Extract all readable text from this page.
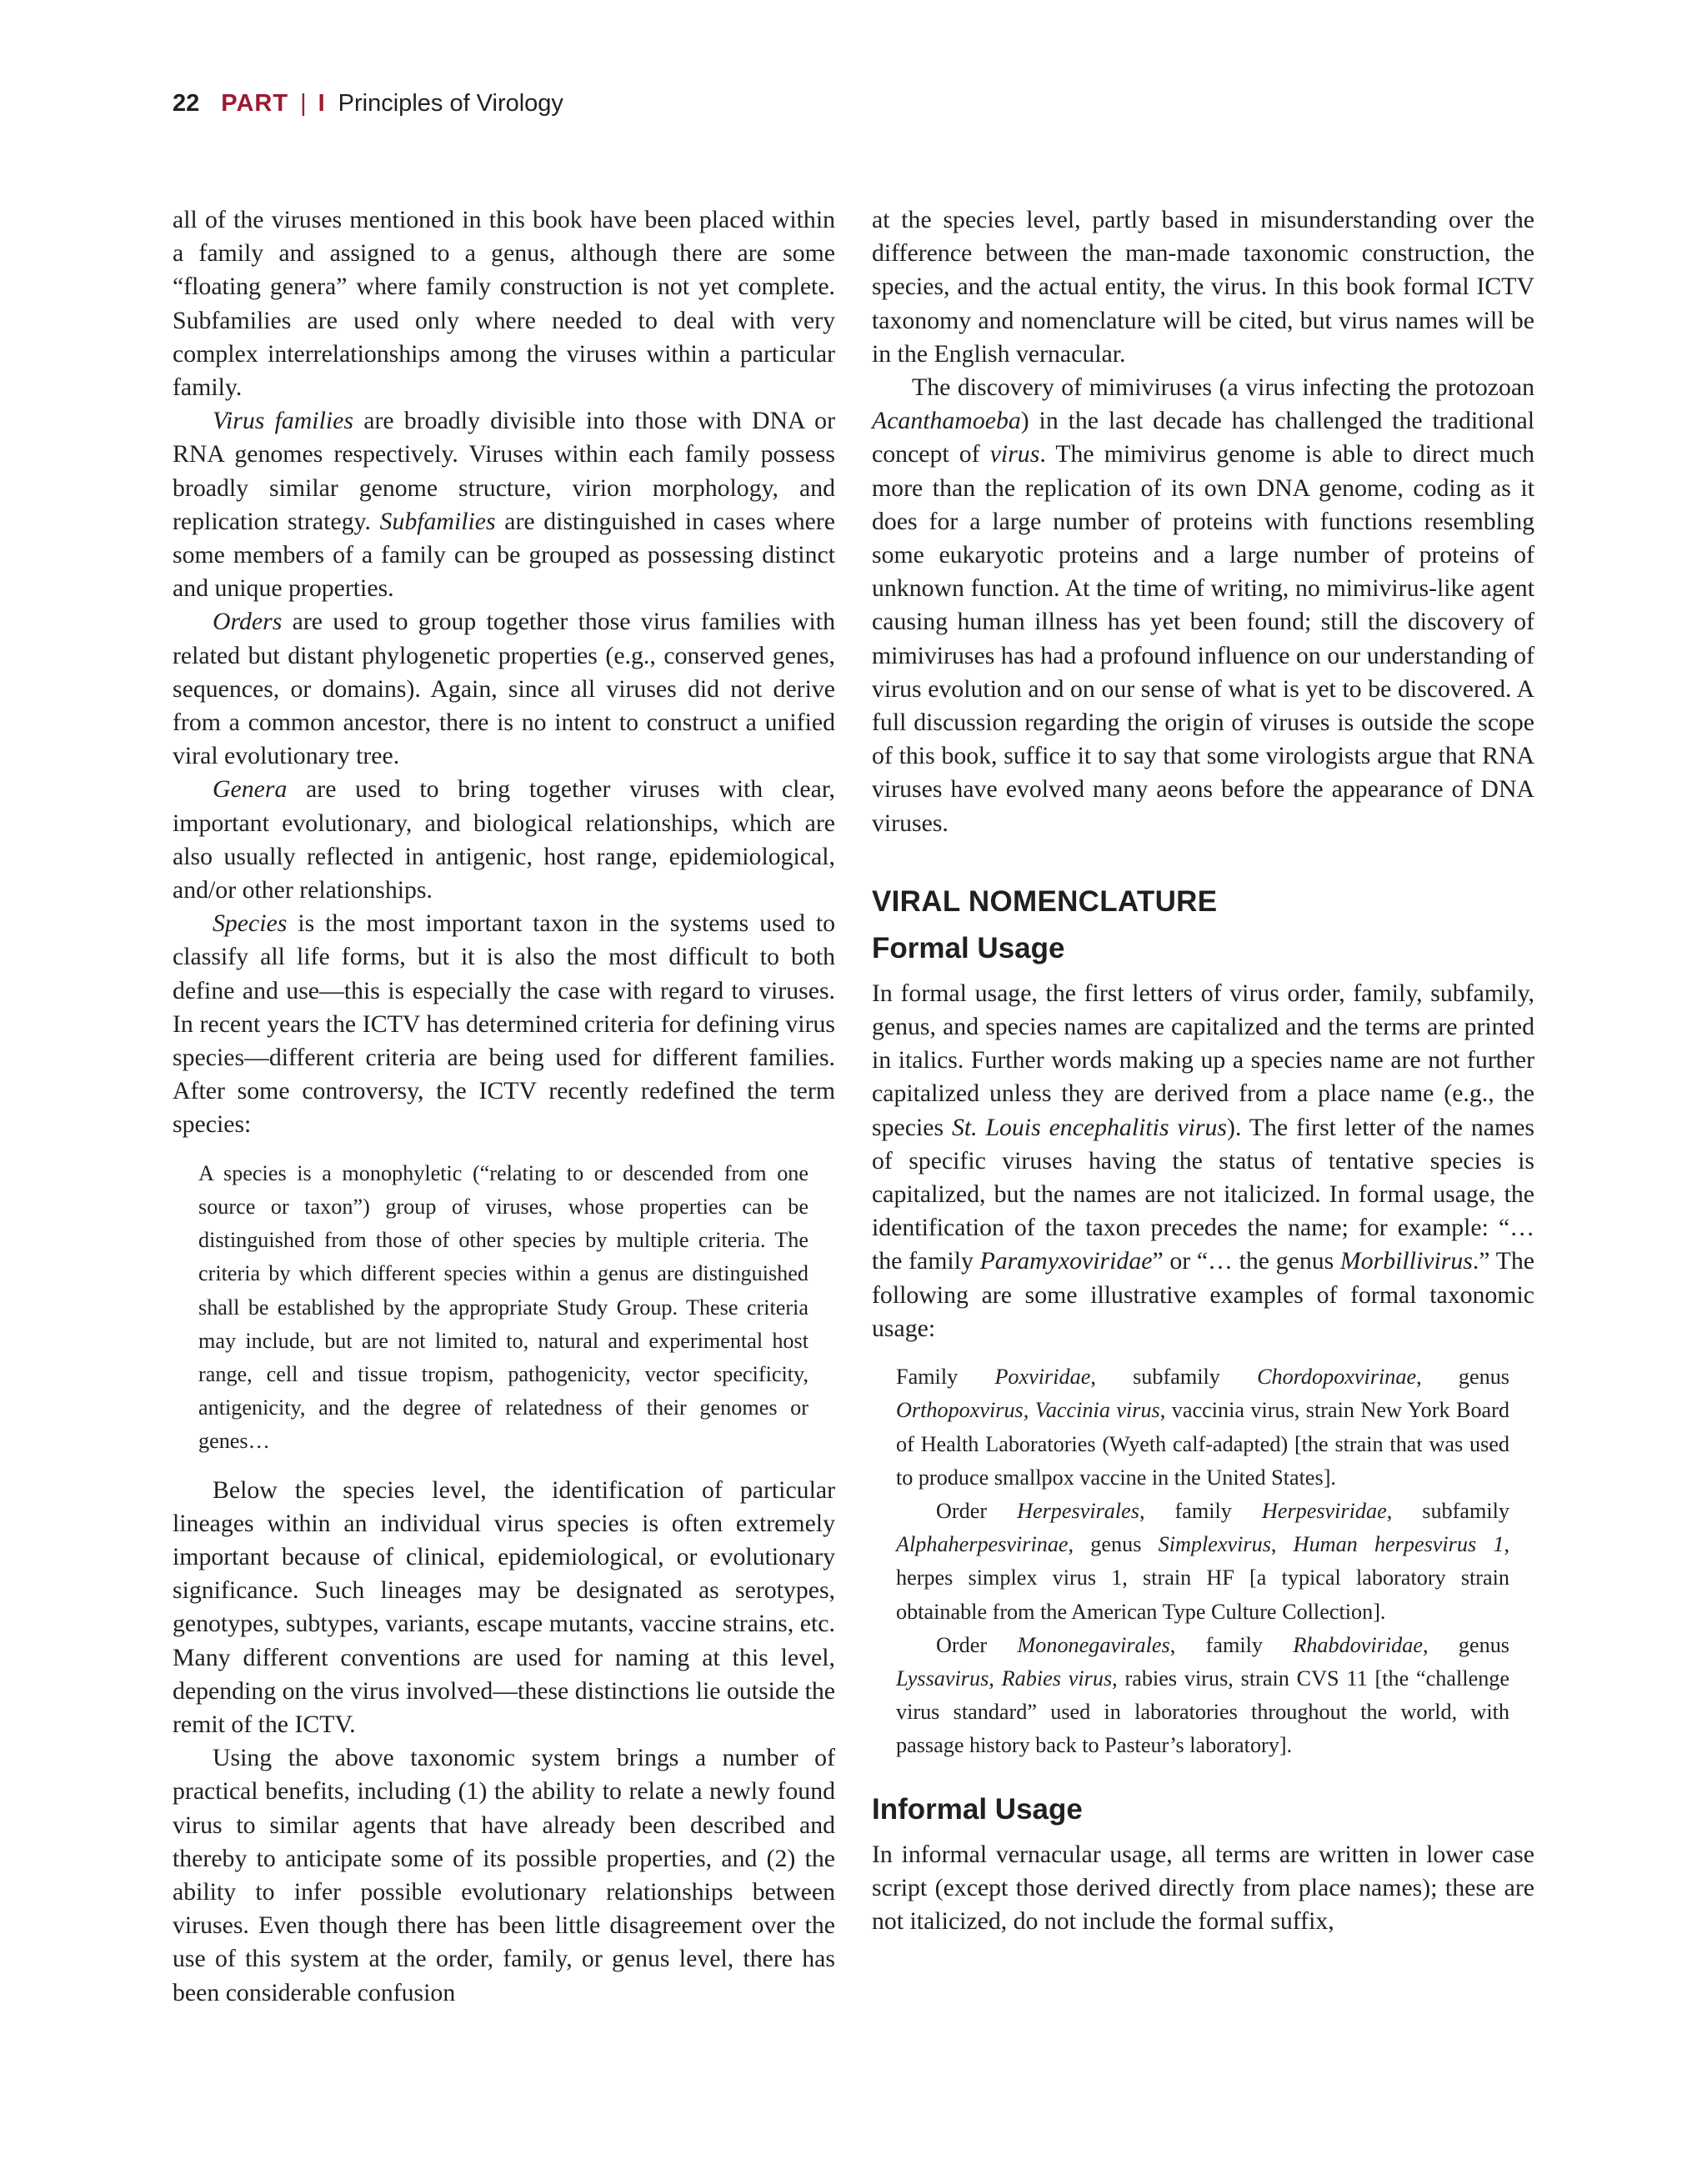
22 PART | I Principles of Virology

all of the viruses mentioned in this book have been placed within a family and assigned to a genus, although there are some “floating genera” where family construction is not yet complete. Subfamilies are used only where needed to deal with very complex interrelationships among the viruses within a particular family.

Virus families are broadly divisible into those with DNA or RNA genomes respectively. Viruses within each family possess broadly similar genome structure, virion morphology, and replication strategy. Subfamilies are distinguished in cases where some members of a family can be grouped as possessing distinct and unique properties.

Orders are used to group together those virus families with related but distant phylogenetic properties (e.g., conserved genes, sequences, or domains). Again, since all viruses did not derive from a common ancestor, there is no intent to construct a unified viral evolutionary tree.

Genera are used to bring together viruses with clear, important evolutionary, and biological relationships, which are also usually reflected in antigenic, host range, epidemiological, and/or other relationships.

Species is the most important taxon in the systems used to classify all life forms, but it is also the most difficult to both define and use—this is especially the case with regard to viruses. In recent years the ICTV has determined criteria for defining virus species—different criteria are being used for different families. After some controversy, the ICTV recently redefined the term species:

A species is a monophyletic (“relating to or descended from one source or taxon”) group of viruses, whose properties can be distinguished from those of other species by multiple criteria. The criteria by which different species within a genus are distinguished shall be established by the appropriate Study Group. These criteria may include, but are not limited to, natural and experimental host range, cell and tissue tropism, pathogenicity, vector specificity, antigenicity, and the degree of relatedness of their genomes or genes…

Below the species level, the identification of particular lineages within an individual virus species is often extremely important because of clinical, epidemiological, or evolutionary significance. Such lineages may be designated as serotypes, genotypes, subtypes, variants, escape mutants, vaccine strains, etc. Many different conventions are used for naming at this level, depending on the virus involved—these distinctions lie outside the remit of the ICTV.

Using the above taxonomic system brings a number of practical benefits, including (1) the ability to relate a newly found virus to similar agents that have already been described and thereby to anticipate some of its possible properties, and (2) the ability to infer possible evolutionary relationships between viruses. Even though there has been little disagreement over the use of this system at the order, family, or genus level, there has been considerable confusion

at the species level, partly based in misunderstanding over the difference between the man-made taxonomic construction, the species, and the actual entity, the virus. In this book formal ICTV taxonomy and nomenclature will be cited, but virus names will be in the English vernacular.

The discovery of mimiviruses (a virus infecting the protozoan Acanthamoeba) in the last decade has challenged the traditional concept of virus. The mimivirus genome is able to direct much more than the replication of its own DNA genome, coding as it does for a large number of proteins with functions resembling some eukaryotic proteins and a large number of proteins of unknown function. At the time of writing, no mimivirus-like agent causing human illness has yet been found; still the discovery of mimiviruses has had a profound influence on our understanding of virus evolution and on our sense of what is yet to be discovered. A full discussion regarding the origin of viruses is outside the scope of this book, suffice it to say that some virologists argue that RNA viruses have evolved many aeons before the appearance of DNA viruses.

VIRAL NOMENCLATURE
Formal Usage

In formal usage, the first letters of virus order, family, subfamily, genus, and species names are capitalized and the terms are printed in italics. Further words making up a species name are not further capitalized unless they are derived from a place name (e.g., the species St. Louis encephalitis virus). The first letter of the names of specific viruses having the status of tentative species is capitalized, but the names are not italicized. In formal usage, the identification of the taxon precedes the name; for example: “… the family Paramyxoviridae” or “… the genus Morbillivirus.” The following are some illustrative examples of formal taxonomic usage:

Family Poxviridae, subfamily Chordopoxvirinae, genus Orthopoxvirus, Vaccinia virus, vaccinia virus, strain New York Board of Health Laboratories (Wyeth calf-adapted) [the strain that was used to produce smallpox vaccine in the United States].

Order Herpesvirales, family Herpesviridae, subfamily Alphaherpesvirinae, genus Simplexvirus, Human herpesvirus 1, herpes simplex virus 1, strain HF [a typical laboratory strain obtainable from the American Type Culture Collection].

Order Mononegavirales, family Rhabdoviridae, genus Lyssavirus, Rabies virus, rabies virus, strain CVS 11 [the “challenge virus standard” used in laboratories throughout the world, with passage history back to Pasteur’s laboratory].

Informal Usage

In informal vernacular usage, all terms are written in lower case script (except those derived directly from place names); these are not italicized, do not include the formal suffix,
